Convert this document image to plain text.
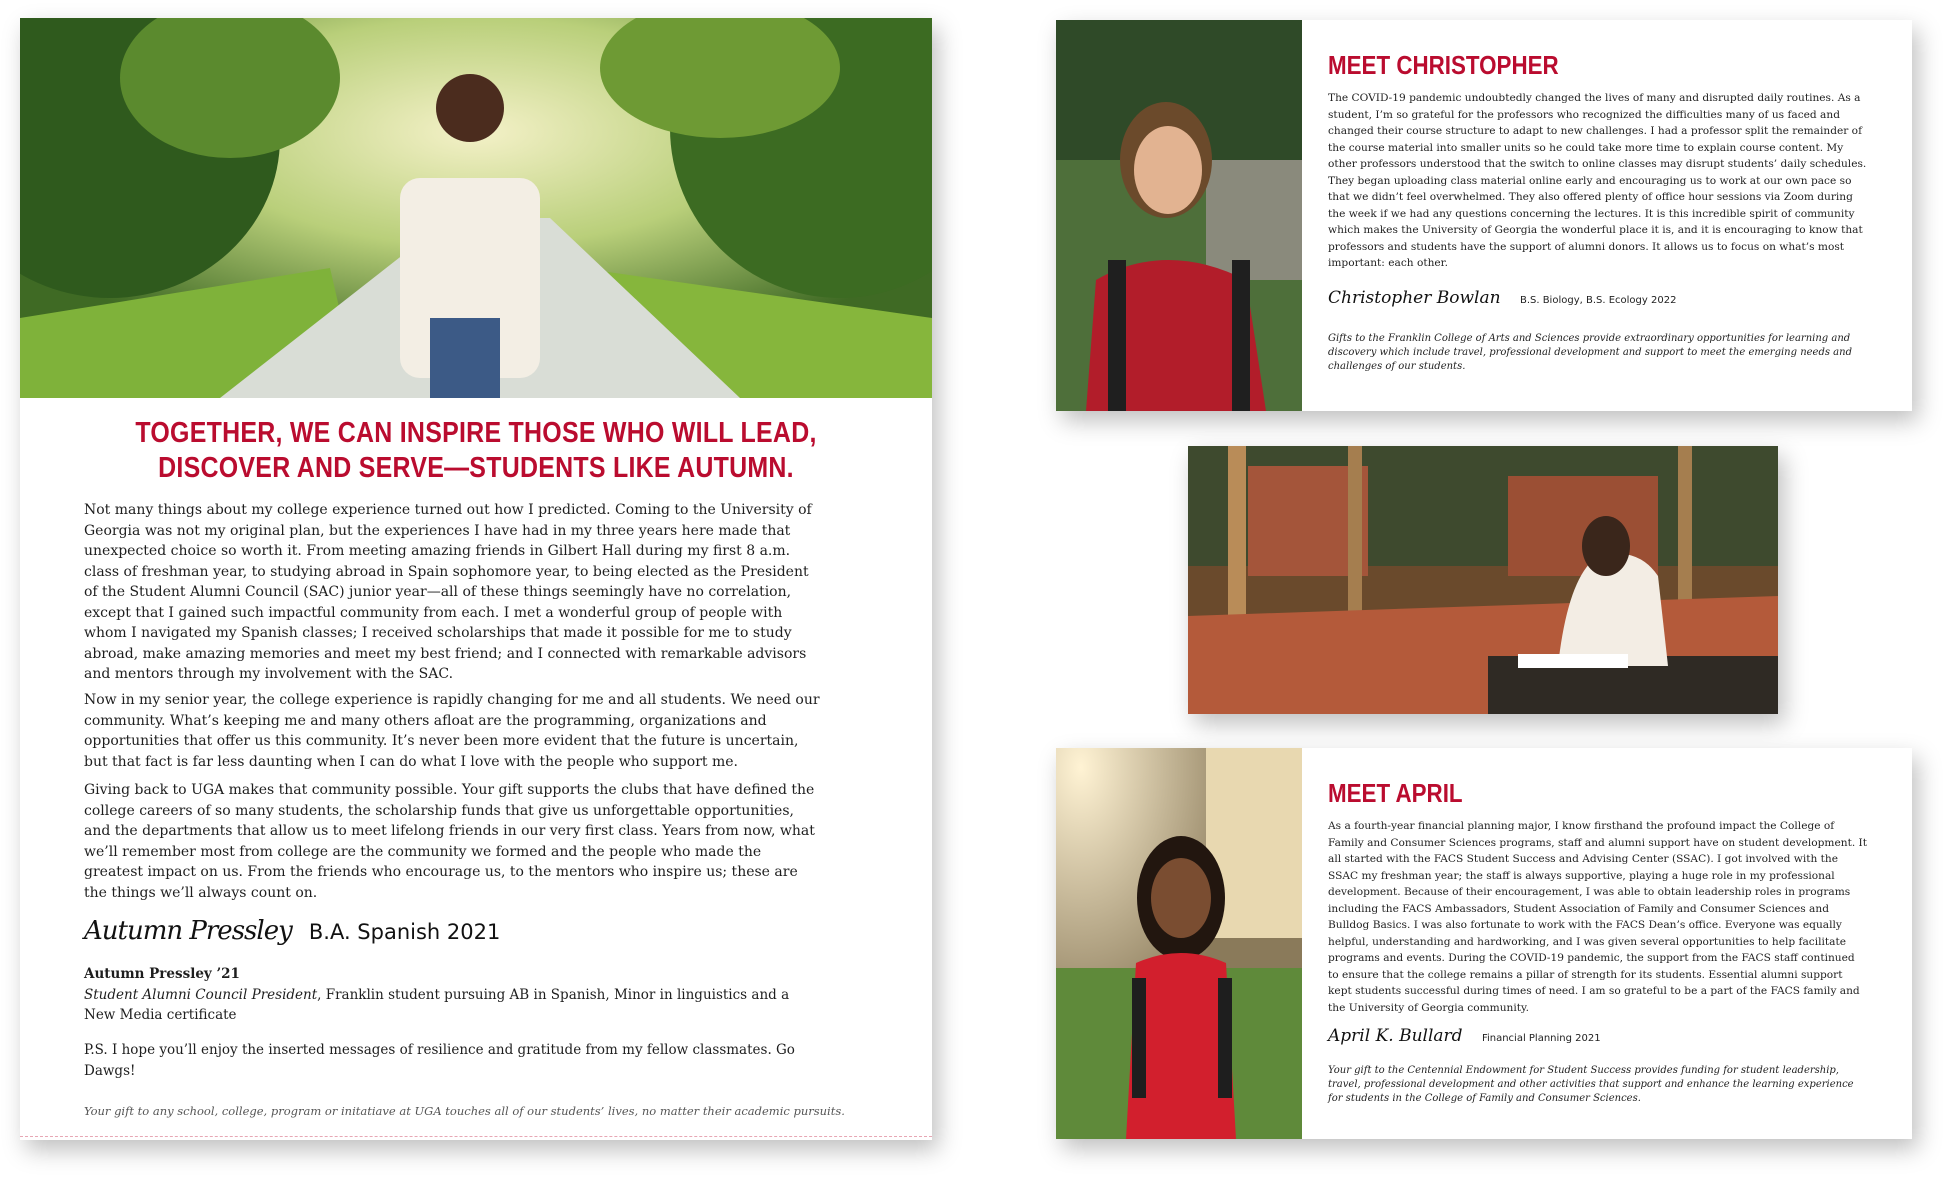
TOGETHER, WE CAN INSPIRE THOSE WHO WILL LEAD,
DISCOVER AND SERVE—STUDENTS LIKE AUTUMN.
Not many things about my college experience turned out how I predicted. Coming to the University of Georgia was not my original plan, but the experiences I have had in my three years here made that unexpected choice so worth it. From meeting amazing friends in Gilbert Hall during my first 8 a.m. class of freshman year, to studying abroad in Spain sophomore year, to being elected as the President of the Student Alumni Council (SAC) junior year—all of these things seemingly have no correlation, except that I gained such impactful community from each. I met a wonderful group of people with whom I navigated my Spanish classes; I received scholarships that made it possible for me to study abroad, make amazing memories and meet my best friend; and I connected with remarkable advisors and mentors through my involvement with the SAC.
Now in my senior year, the college experience is rapidly changing for me and all students. We need our community. What’s keeping me and many others afloat are the programming, organizations and opportunities that offer us this community. It’s never been more evident that the future is uncertain, but that fact is far less daunting when I can do what I love with the people who support me.
Giving back to UGA makes that community possible. Your gift supports the clubs that have defined the college careers of so many students, the scholarship funds that give us unforgettable opportunities, and the departments that allow us to meet lifelong friends in our very first class. Years from now, what we’ll remember most from college are the community we formed and the people who made the greatest impact on us. From the friends who encourage us, to the mentors who inspire us; these are the things we’ll always count on.
Autumn Pressley B.A. Spanish 2021
Autumn Pressley ’21
Student Alumni Council President, Franklin student pursuing AB in Spanish, Minor in linguistics and a New Media certificate
P.S. I hope you’ll enjoy the inserted messages of resilience and gratitude from my fellow classmates. Go Dawgs!
Your gift to any school, college, program or initatiave at UGA touches all of our students’ lives, no matter their academic pursuits.
MEET CHRISTOPHER
The COVID-19 pandemic undoubtedly changed the lives of many and disrupted daily routines. As a student, I’m so grateful for the professors who recognized the difficulties many of us faced and changed their course structure to adapt to new challenges. I had a professor split the remainder of the course material into smaller units so he could take more time to explain course content. My other professors understood that the switch to online classes may disrupt students’ daily schedules. They began uploading class material online early and encouraging us to work at our own pace so that we didn’t feel overwhelmed. They also offered plenty of office hour sessions via Zoom during the week if we had any questions concerning the lectures. It is this incredible spirit of community which makes the University of Georgia the wonderful place it is, and it is encouraging to know that professors and students have the support of alumni donors. It allows us to focus on what’s most important: each other.
Christopher Bowlan B.S. Biology, B.S. Ecology 2022
Gifts to the Franklin College of Arts and Sciences provide extraordinary opportunities for learning and discovery which include travel, professional development and support to meet the emerging needs and challenges of our students.
MEET APRIL
As a fourth-year financial planning major, I know firsthand the profound impact the College of Family and Consumer Sciences programs, staff and alumni support have on student development. It all started with the FACS Student Success and Advising Center (SSAC). I got involved with the SSAC my freshman year; the staff is always supportive, playing a huge role in my professional development. Because of their encouragement, I was able to obtain leadership roles in programs including the FACS Ambassadors, Student Association of Family and Consumer Sciences and Bulldog Basics. I was also fortunate to work with the FACS Dean’s office. Everyone was equally helpful, understanding and hardworking, and I was given several opportunities to help facilitate programs and events. During the COVID-19 pandemic, the support from the FACS staff continued to ensure that the college remains a pillar of strength for its students. Essential alumni support kept students successful during times of need. I am so grateful to be a part of the FACS family and the University of Georgia community.
April K. Bullard Financial Planning 2021
Your gift to the Centennial Endowment for Student Success provides funding for student leadership, travel, professional development and other activities that support and enhance the learning experience for students in the College of Family and Consumer Sciences.
